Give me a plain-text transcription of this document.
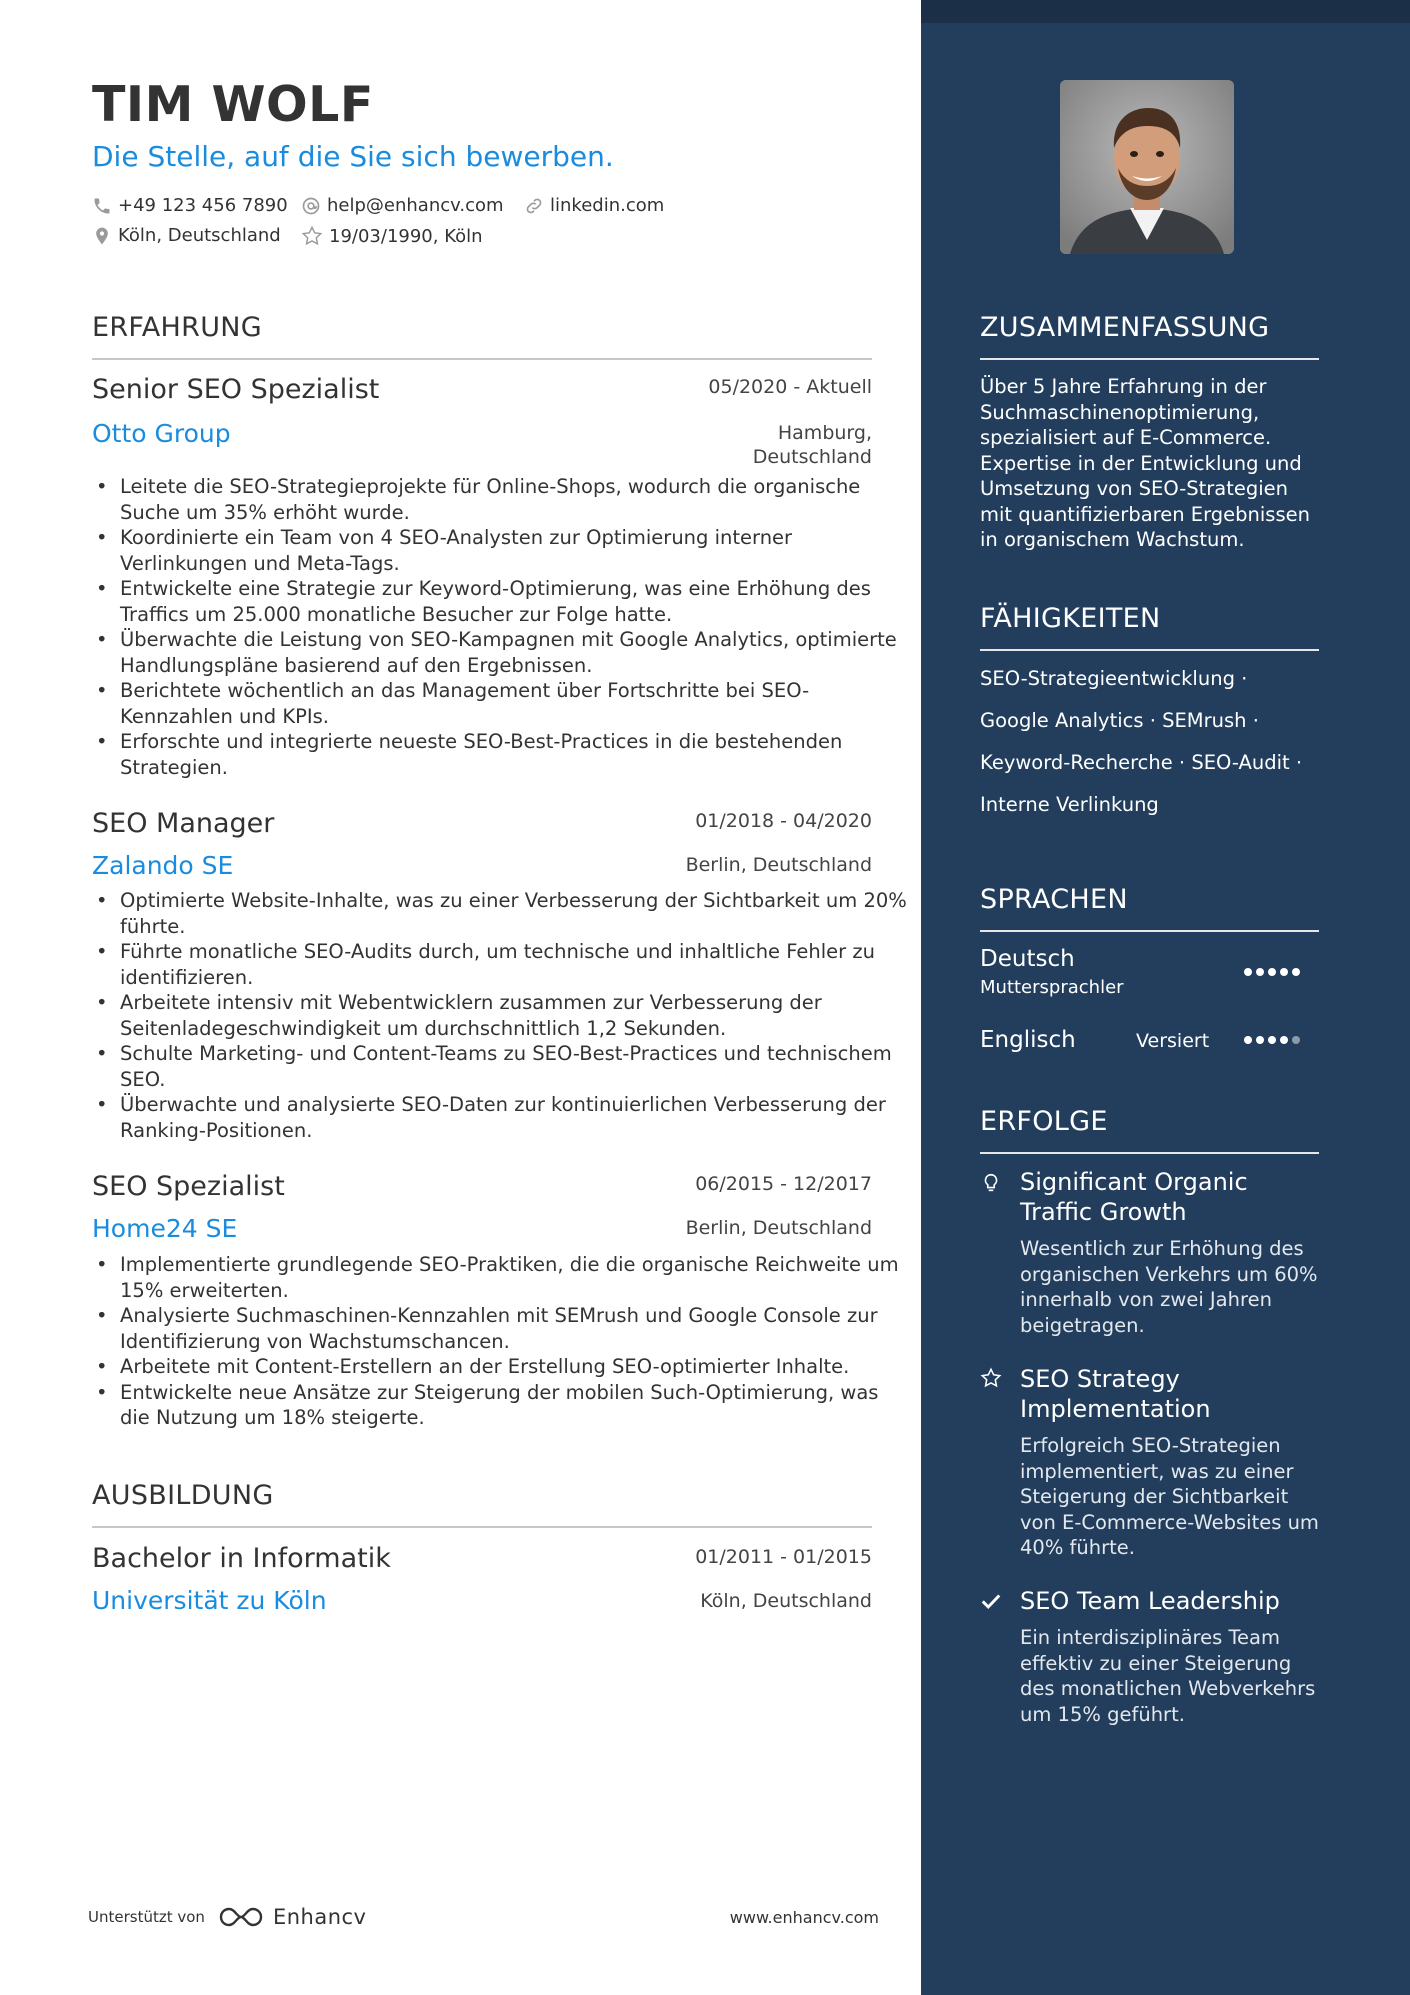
TIM WOLF
Die Stelle, auf die Sie sich bewerben.
+49 123 456 7890 help@enhancv.com	linkedin.com
Köln, Deutschland	19/03/1990, Köln
ERFAHRUNG
Senior SEO Spezialist	05/2020 - Aktuell
Otto Group	Hamburg,
Deutschland
• Leitete die SEO-Strategieprojekte für Online-Shops, wodurch die organische Suche um 35% erhöht wurde.
• Koordinierte ein Team von 4 SEO-Analysten zur Optimierung interner Verlinkungen und Meta-Tags.
• Entwickelte eine Strategie zur Keyword-Optimierung, was eine Erhöhung des Traffics um 25.000 monatliche Besucher zur Folge hatte.
• Überwachte die Leistung von SEO-Kampagnen mit Google Analytics, optimierte Handlungspläne basierend auf den Ergebnissen.
• Berichtete wöchentlich an das Management über Fortschritte bei SEO-Kennzahlen und KPIs.
• Erforschte und integrierte neueste SEO-Best-Practices in die bestehenden Strategien.
SEO Manager	01/2018 - 04/2020
Zalando SE	Berlin, Deutschland
• Optimierte Website-Inhalte, was zu einer Verbesserung der Sichtbarkeit um 20% führte.
• Führte monatliche SEO-Audits durch, um technische und inhaltliche Fehler zu identifizieren.
• Arbeitete intensiv mit Webentwicklern zusammen zur Verbesserung der Seitenladegeschwindigkeit um durchschnittlich 1,2 Sekunden.
• Schulte Marketing- und Content-Teams zu SEO-Best-Practices und technischem SEO.
• Überwachte und analysierte SEO-Daten zur kontinuierlichen Verbesserung der Ranking-Positionen.
SEO Spezialist	06/2015 - 12/2017
Home24 SE	Berlin, Deutschland
• Implementierte grundlegende SEO-Praktiken, die die organische Reichweite um 15% erweiterten.
• Analysierte Suchmaschinen-Kennzahlen mit SEMrush und Google Console zur Identifizierung von Wachstumschancen.
• Arbeitete mit Content-Erstellern an der Erstellung SEO-optimierter Inhalte.
• Entwickelte neue Ansätze zur Steigerung der mobilen Such-Optimierung, was die Nutzung um 18% steigerte.
AUSBILDUNG
Bachelor in Informatik	01/2011 - 01/2015
Universität zu Köln	Köln, Deutschland
Unterstützt von	Enhancv	www.enhancv.com
ZUSAMMENFASSUNG
Über 5 Jahre Erfahrung in der Suchmaschinenoptimierung, spezialisiert auf E-Commerce. Expertise in der Entwicklung und Umsetzung von SEO-Strategien mit quantifizierbaren Ergebnissen in organischem Wachstum.
FÄHIGKEITEN
SEO-Strategieentwicklung ·
Google Analytics · SEMrush ·
Keyword-Recherche · SEO-Audit ·
Interne Verlinkung
SPRACHEN
Deutsch
Muttersprachler
Englisch	Versiert
ERFOLGE
Significant Organic Traffic Growth
Wesentlich zur Erhöhung des organischen Verkehrs um 60% innerhalb von zwei Jahren beigetragen.
SEO Strategy Implementation
Erfolgreich SEO-Strategien implementiert, was zu einer Steigerung der Sichtbarkeit von E-Commerce-Websites um 40% führte.
SEO Team Leadership
Ein interdisziplinäres Team effektiv zu einer Steigerung des monatlichen Webverkehrs um 15% geführt.
